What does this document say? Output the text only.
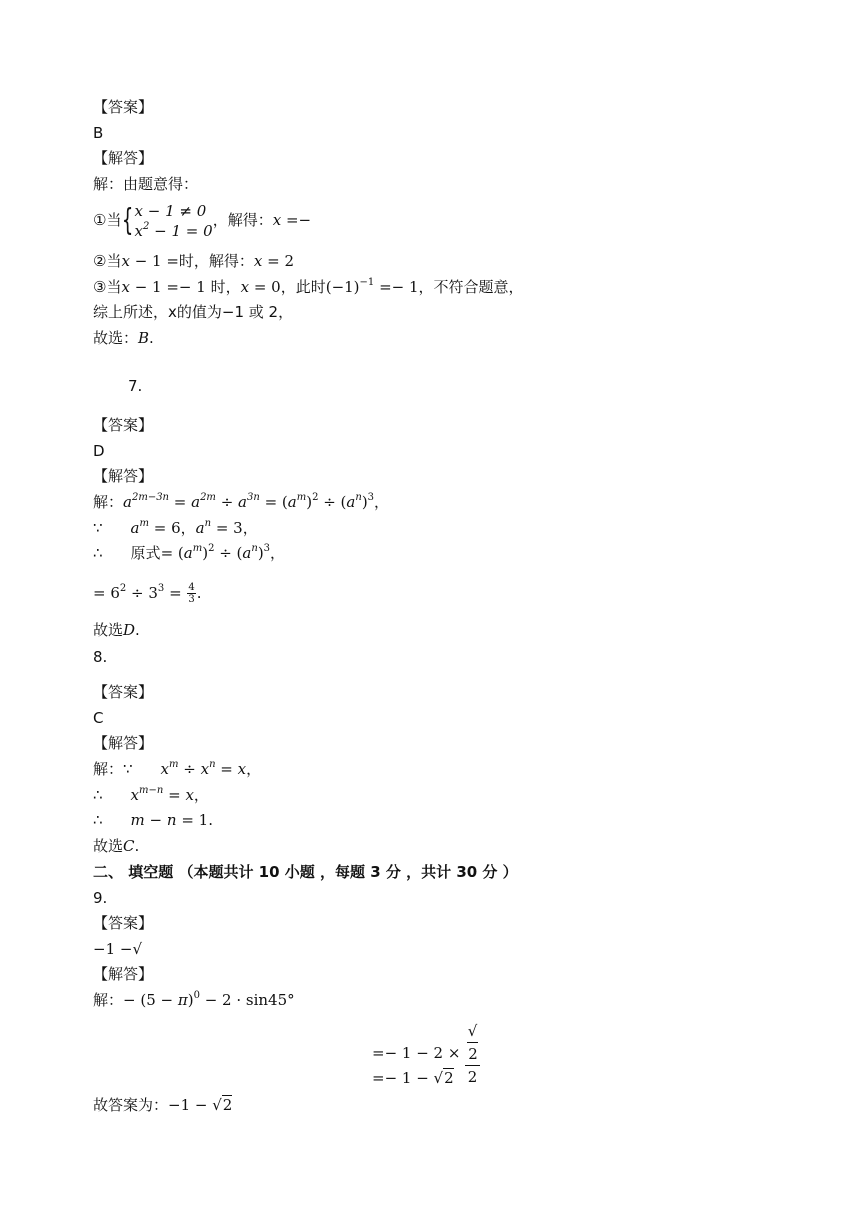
【答案】
B
【解答】
解：由题意得：
①当{ x − 1 ≠ 0
$x^2 - 1 = 0$
，解得：x =−
②当x − 1 =时，解得：x = 2
③当x − 1 =− 1 时，x = 0，此时$(-1)^{-1} =- 1$，不符合题意，
综上所述，x的值为−1 或 2，
故选：B.
7.
【答案】
D
【解答】
解：$a^{2m-3n} = a^{2m} \div a^{3n} = (a^m)^2 \div (a^n)^3$，
∵ $a^m = 6$，$a^n = 3$，
∴ 原式= $(a^m)^2 \div (a^n)^3$，
= $6^2 \div 3^3 = \frac{4}{3}$ .
故选D.
8.
【答案】
C
【解答】
解：∵ $x^m \div x^n = x$，
∴ $x^{m-n} = x$，
∴ m − n = 1.
故选C.
二、 填空题 （本题共计 10 小题 ，每题 3 分 ，共计 30 分 ）
9.
【答案】
−1 −√
【解答】
解：− $(5 - \pi)^0 - 2 \cdot \sin 45^\circ$
=− 1 − 2 × √
2
2
=− 1 − √2
故答案为：−1 − √2
